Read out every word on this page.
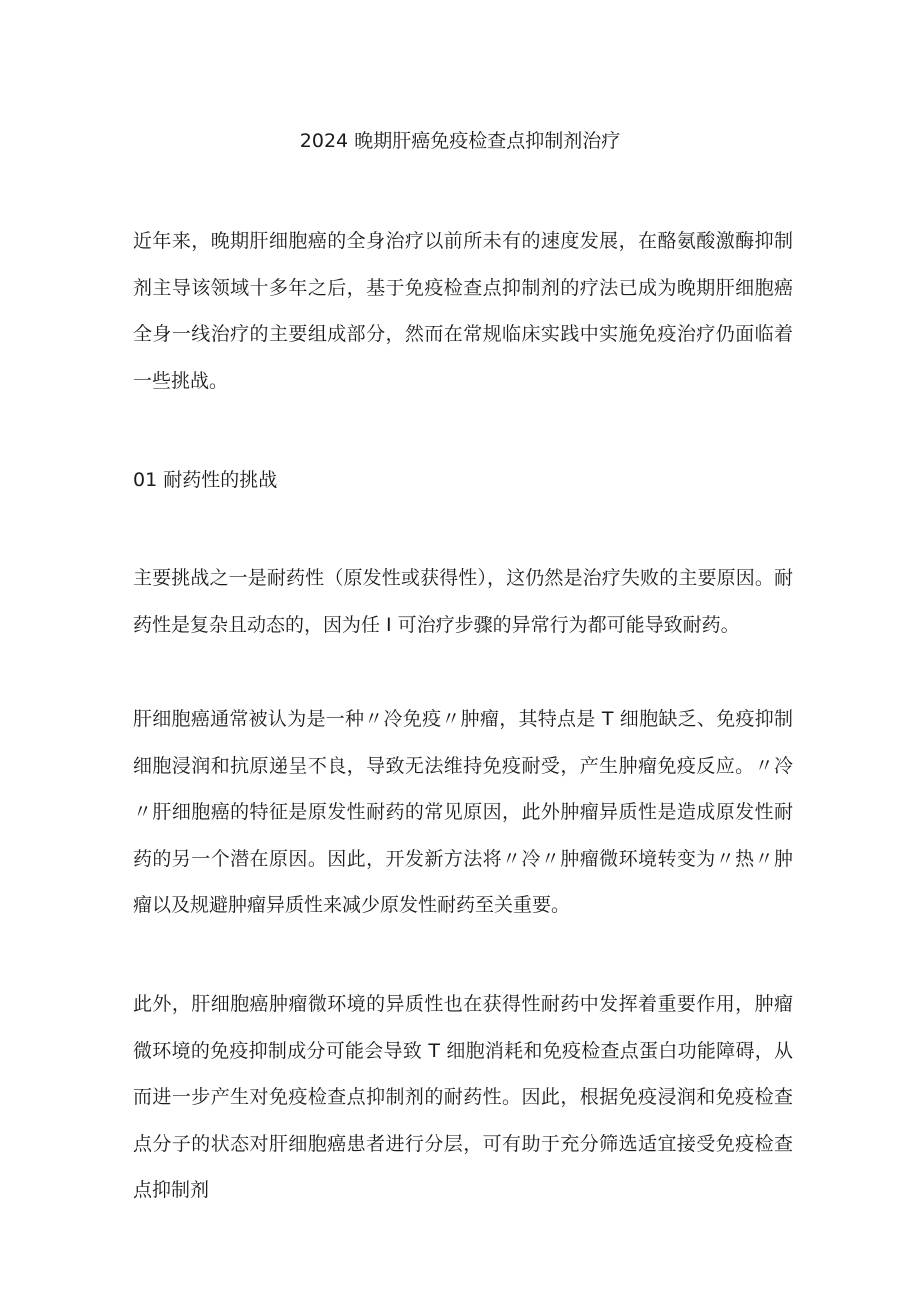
2024 晚期肝癌免疫检查点抑制剂治疗

近年来，晚期肝细胞癌的全身治疗以前所未有的速度发展，在酪氨酸激酶抑制剂主导该领域十多年之后，基于免疫检查点抑制剂的疗法已成为晚期肝细胞癌全身一线治疗的主要组成部分，然而在常规临床实践中实施免疫治疗仍面临着一些挑战。

01 耐药性的挑战

主要挑战之一是耐药性（原发性或获得性），这仍然是治疗失败的主要原因。耐药性是复杂且动态的，因为任 I 可治疗步骤的异常行为都可能导致耐药。

肝细胞癌通常被认为是一种〃冷免疫〃肿瘤，其特点是 T 细胞缺乏、免疫抑制细胞浸润和抗原递呈不良，导致无法维持免疫耐受，产生肿瘤免疫反应。〃冷〃肝细胞癌的特征是原发性耐药的常见原因，此外肿瘤异质性是造成原发性耐药的另一个潜在原因。因此，开发新方法将〃冷〃肿瘤微环境转变为〃热〃肿瘤以及规避肿瘤异质性来减少原发性耐药至关重要。

此外，肝细胞癌肿瘤微环境的异质性也在获得性耐药中发挥着重要作用，肿瘤微环境的免疫抑制成分可能会导致 T 细胞消耗和免疫检查点蛋白功能障碍，从而进一步产生对免疫检查点抑制剂的耐药性。因此，根据免疫浸润和免疫检查点分子的状态对肝细胞癌患者进行分层，可有助于充分筛选适宜接受免疫检查点抑制剂
